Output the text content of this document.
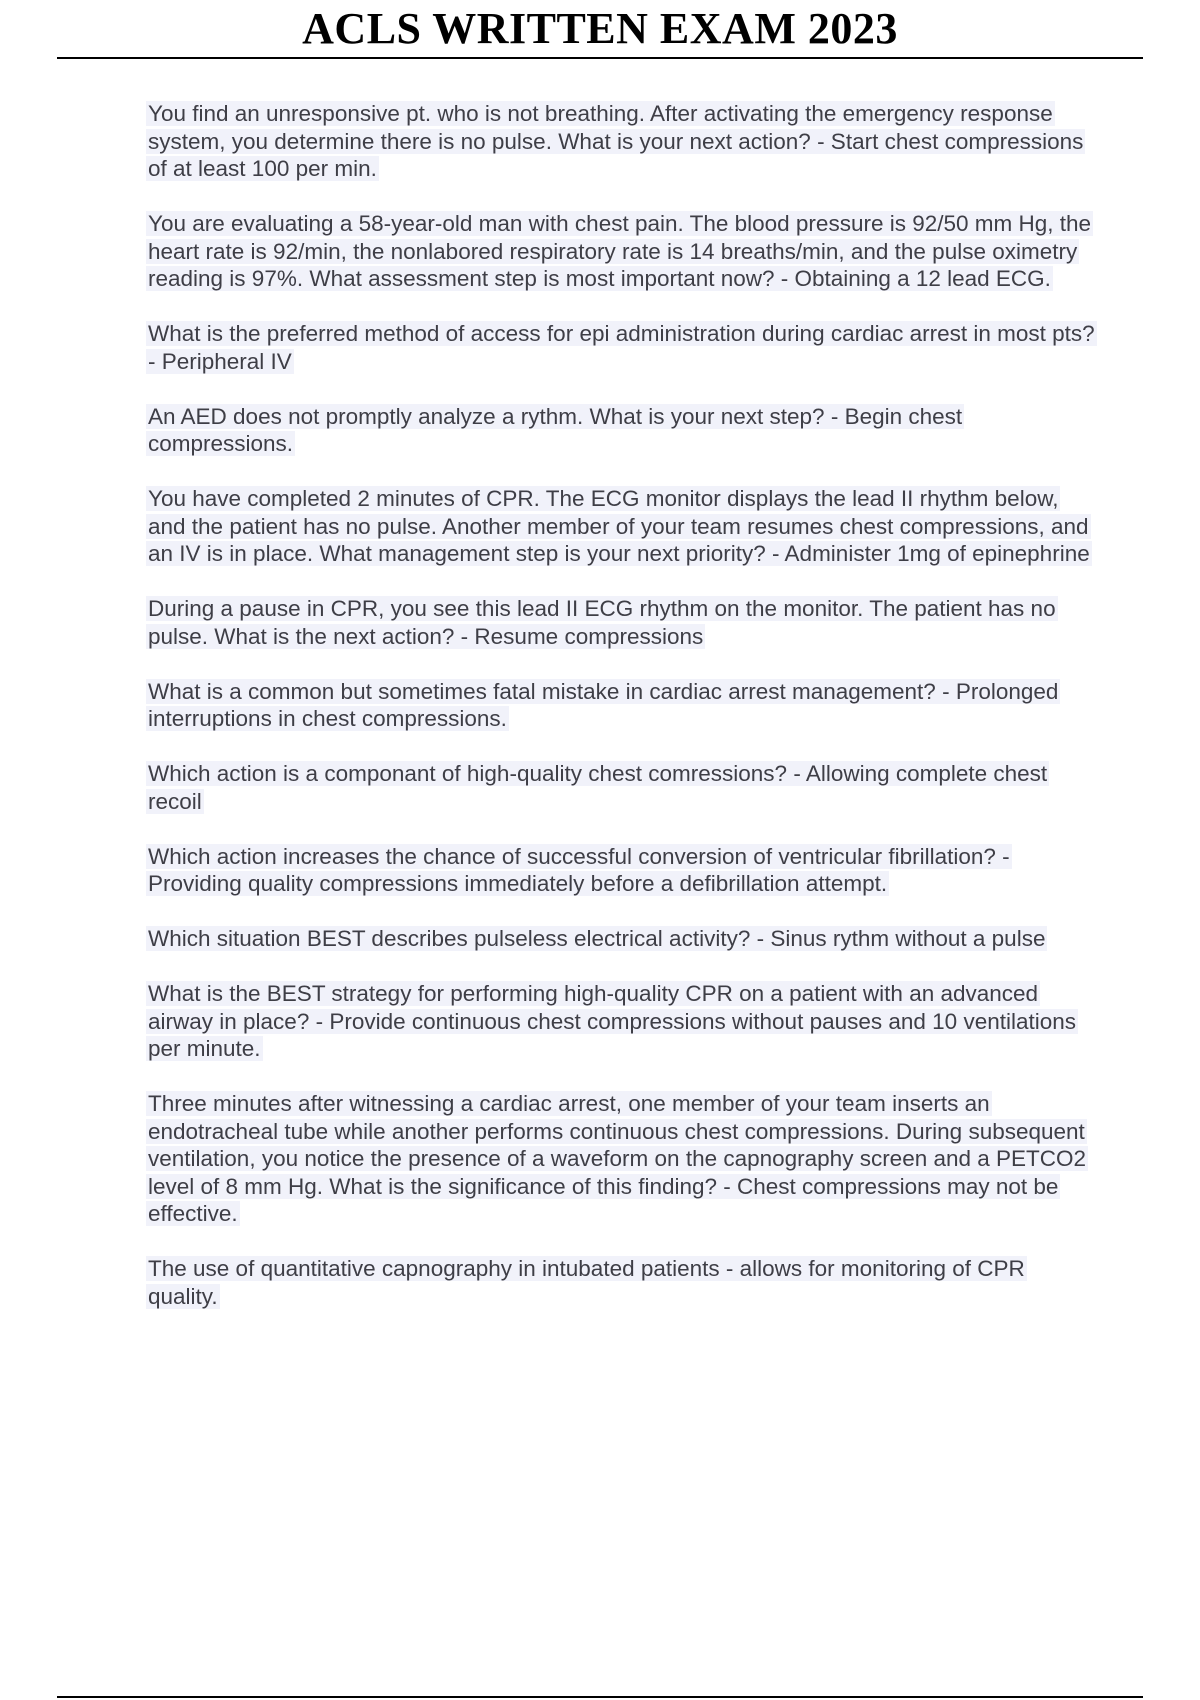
ACLS WRITTEN EXAM 2023
You find an unresponsive pt. who is not breathing. After activating the emergency response system, you determine there is no pulse. What is your next action? - Start chest compressions of at least 100 per min.
You are evaluating a 58-year-old man with chest pain. The blood pressure is 92/50 mm Hg, the heart rate is 92/min, the nonlabored respiratory rate is 14 breaths/min, and the pulse oximetry reading is 97%. What assessment step is most important now? - Obtaining a 12 lead ECG.
What is the preferred method of access for epi administration during cardiac arrest in most pts? - Peripheral IV
An AED does not promptly analyze a rythm. What is your next step? - Begin chest compressions.
You have completed 2 minutes of CPR. The ECG monitor displays the lead II rhythm below, and the patient has no pulse. Another member of your team resumes chest compressions, and an IV is in place. What management step is your next priority? - Administer 1mg of epinephrine
During a pause in CPR, you see this lead II ECG rhythm on the monitor. The patient has no pulse. What is the next action? - Resume compressions
What is a common but sometimes fatal mistake in cardiac arrest management? - Prolonged interruptions in chest compressions.
Which action is a componant of high-quality chest comressions? - Allowing complete chest recoil
Which action increases the chance of successful conversion of ventricular fibrillation? - Providing quality compressions immediately before a defibrillation attempt.
Which situation BEST describes pulseless electrical activity? - Sinus rythm without a pulse
What is the BEST strategy for performing high-quality CPR on a patient with an advanced airway in place? - Provide continuous chest compressions without pauses and 10 ventilations per minute.
Three minutes after witnessing a cardiac arrest, one member of your team inserts an endotracheal tube while another performs continuous chest compressions. During subsequent ventilation, you notice the presence of a waveform on the capnography screen and a PETCO2 level of 8 mm Hg. What is the significance of this finding? - Chest compressions may not be effective.
The use of quantitative capnography in intubated patients - allows for monitoring of CPR quality.
